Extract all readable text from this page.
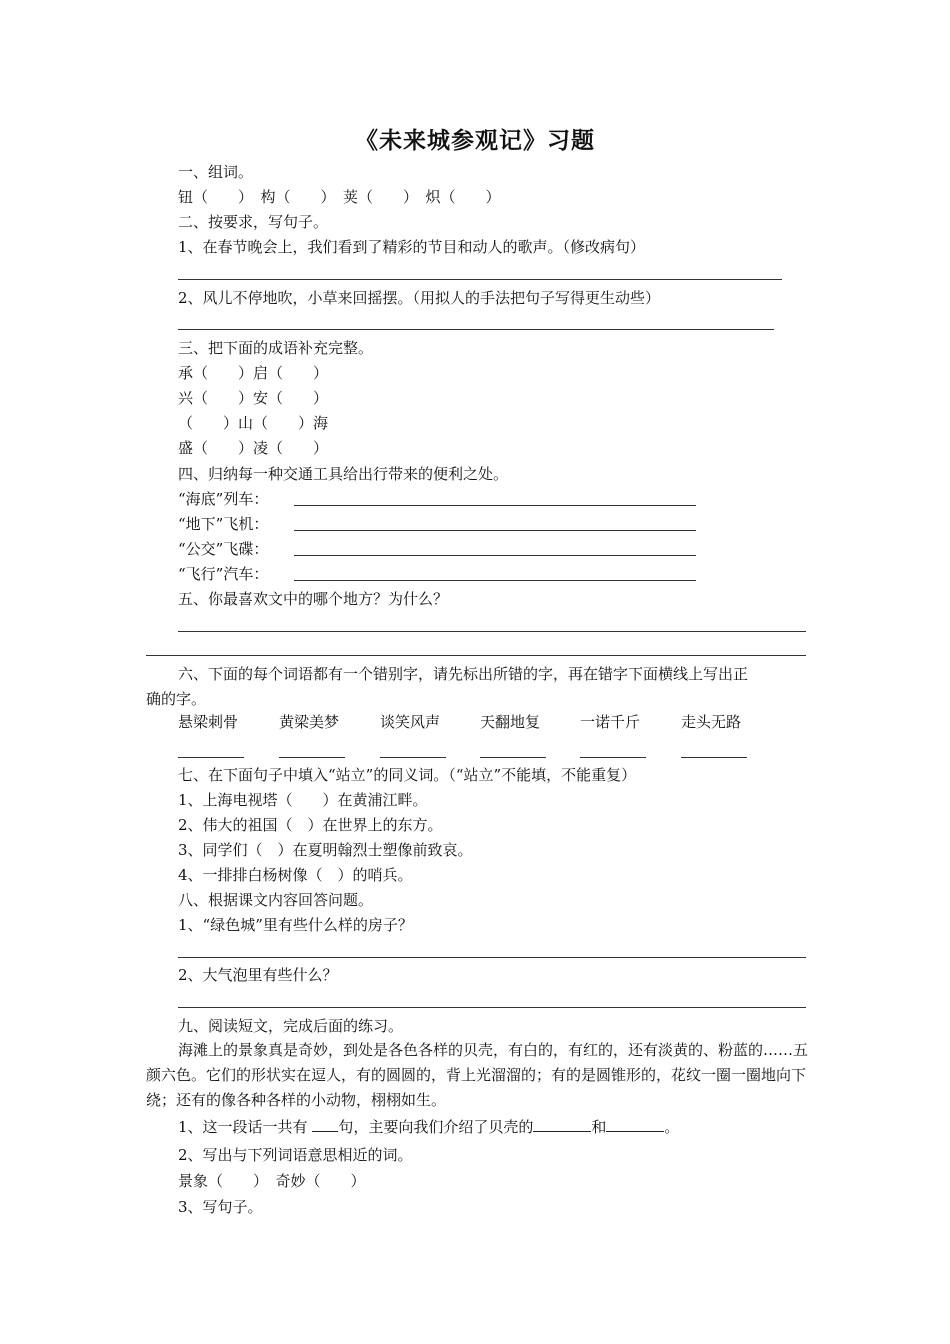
《未来城参观记》习题
一、组词。
钮（　　）　构（　　）　荚（　　）　炽（　　）
二、按要求，写句子。
1、在春节晚会上，我们看到了精彩的节目和动人的歌声。（修改病句）
2、风儿不停地吹，小草来回摇摆。（用拟人的手法把句子写得更生动些）
三、把下面的成语补充完整。
承（　　）启（　　）
兴（　　）安（　　）
（　　）山（　　）海
盛（　　）凌（　　）
四、归纳每一种交通工具给出行带来的便利之处。
“海底”列车：
“地下”飞机：
“公交”飞碟：
“飞行”汽车：
五、你最喜欢文中的哪个地方？为什么？
六、下面的每个词语都有一个错别字，请先标出所错的字，再在错字下面横线上写出正
确的字。
悬梁刺骨	黄梁美梦	谈笑风声	天翻地复	一诺千斤	走头无路
七、在下面句子中填入“站立”的同义词。（“站立”不能填，不能重复）
1、上海电视塔（　　）在黄浦江畔。
2、伟大的祖国（　）在世界上的东方。
3、同学们（　）在夏明翰烈士塑像前致哀。
4、一排排白杨树像（　）的哨兵。
八、根据课文内容回答问题。
1、“绿色城”里有些什么样的房子？
2、大气泡里有些什么？
九、阅读短文，完成后面的练习。
海滩上的景象真是奇妙，到处是各色各样的贝壳，有白的，有红的，还有淡黄的、粉蓝的……五颜六色。它们的形状实在逗人，有的圆圆的，背上光溜溜的；有的是圆锥形的，花纹一圈一圈地向下绕；还有的像各种各样的小动物，栩栩如生。
1、这一段话一共有 句，主要向我们介绍了贝壳的	和	。
2、写出与下列词语意思相近的词。
景象（　　）　奇妙（　　）
3、写句子。
